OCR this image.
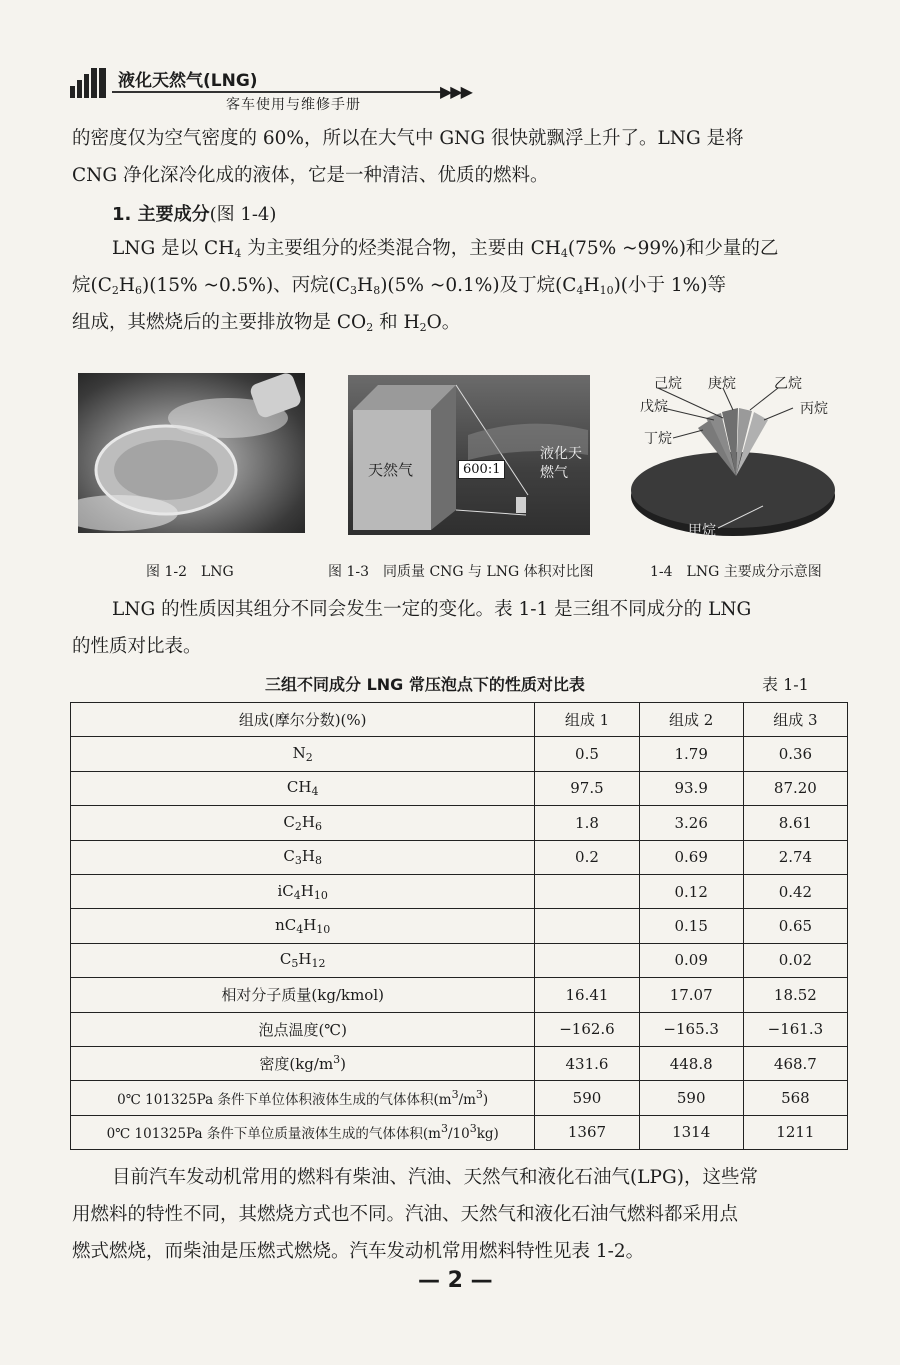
液化天然气(LNG)
▶▶▶
客车使用与维修手册

的密度仅为空气密度的 60%，所以在大气中 GNG 很快就飘浮上升了。LNG 是将

CNG 净化深冷化成的液体，它是一种清洁、优质的燃料。

1. 主要成分(图 1-4)

LNG 是以 $CH_4$ 为主要组分的烃类混合物，主要由 $CH_4(75\%$ ~99%)和少量的乙

烷$(C_2H_6)(15\%$ ~0.5%)、丙烷$(C_3H_8)(5\%$ ~0.1%)及丁烷$(C_4H_{10})$(小于 1%)等

组成，其燃烧后的主要排放物是 $CO_2$ 和 $H_2O$。

天然气	600:1
液化天
燃气
己烷 庚烷	乙烷
戊烷	丙烷
丁烷
甲烷
图 1-2　LNG	图 1-3　同质量 CNG 与 LNG 体积对比图	1-4　LNG 主要成分示意图

LNG 的性质因其组分不同会发生一定的变化。表 1-1 是三组不同成分的 LNG

的性质对比表。

三组不同成分 LNG 常压泡点下的性质对比表	表 1-1
组成(摩尔分数)(%)	组成 1	组成 2	组成 3
$N_2$	0.5	1.79	0.36
$CH_4$	97.5	93.9	87.20
$C_2H_6$	1.8	3.26	8.61
$C_3H_8$	0.2	0.69	2.74
$iC_4H_{10}$		0.12	0.42
$nC_4H_{10}$		0.15	0.65
$C_5H_{12}$		0.09	0.02
相对分子质量(kg/kmol)	16.41	17.07	18.52
泡点温度(℃)	−162.6	−165.3	−161.3
密度$(kg/m^3)$	431.6	448.8	468.7
0℃ 101325Pa 条件下单位体积液体生成的气体体积$(m^3/m^3)$	590	590	568
0℃ 101325Pa 条件下单位质量液体生成的气体体积$(m^3/10^3kg)$	1367	1314	1211

目前汽车发动机常用的燃料有柴油、汽油、天然气和液化石油气(LPG)，这些常

用燃料的特性不同，其燃烧方式也不同。汽油、天然气和液化石油气燃料都采用点

燃式燃烧，而柴油是压燃式燃烧。汽车发动机常用燃料特性见表 1-2。

— 2 —
